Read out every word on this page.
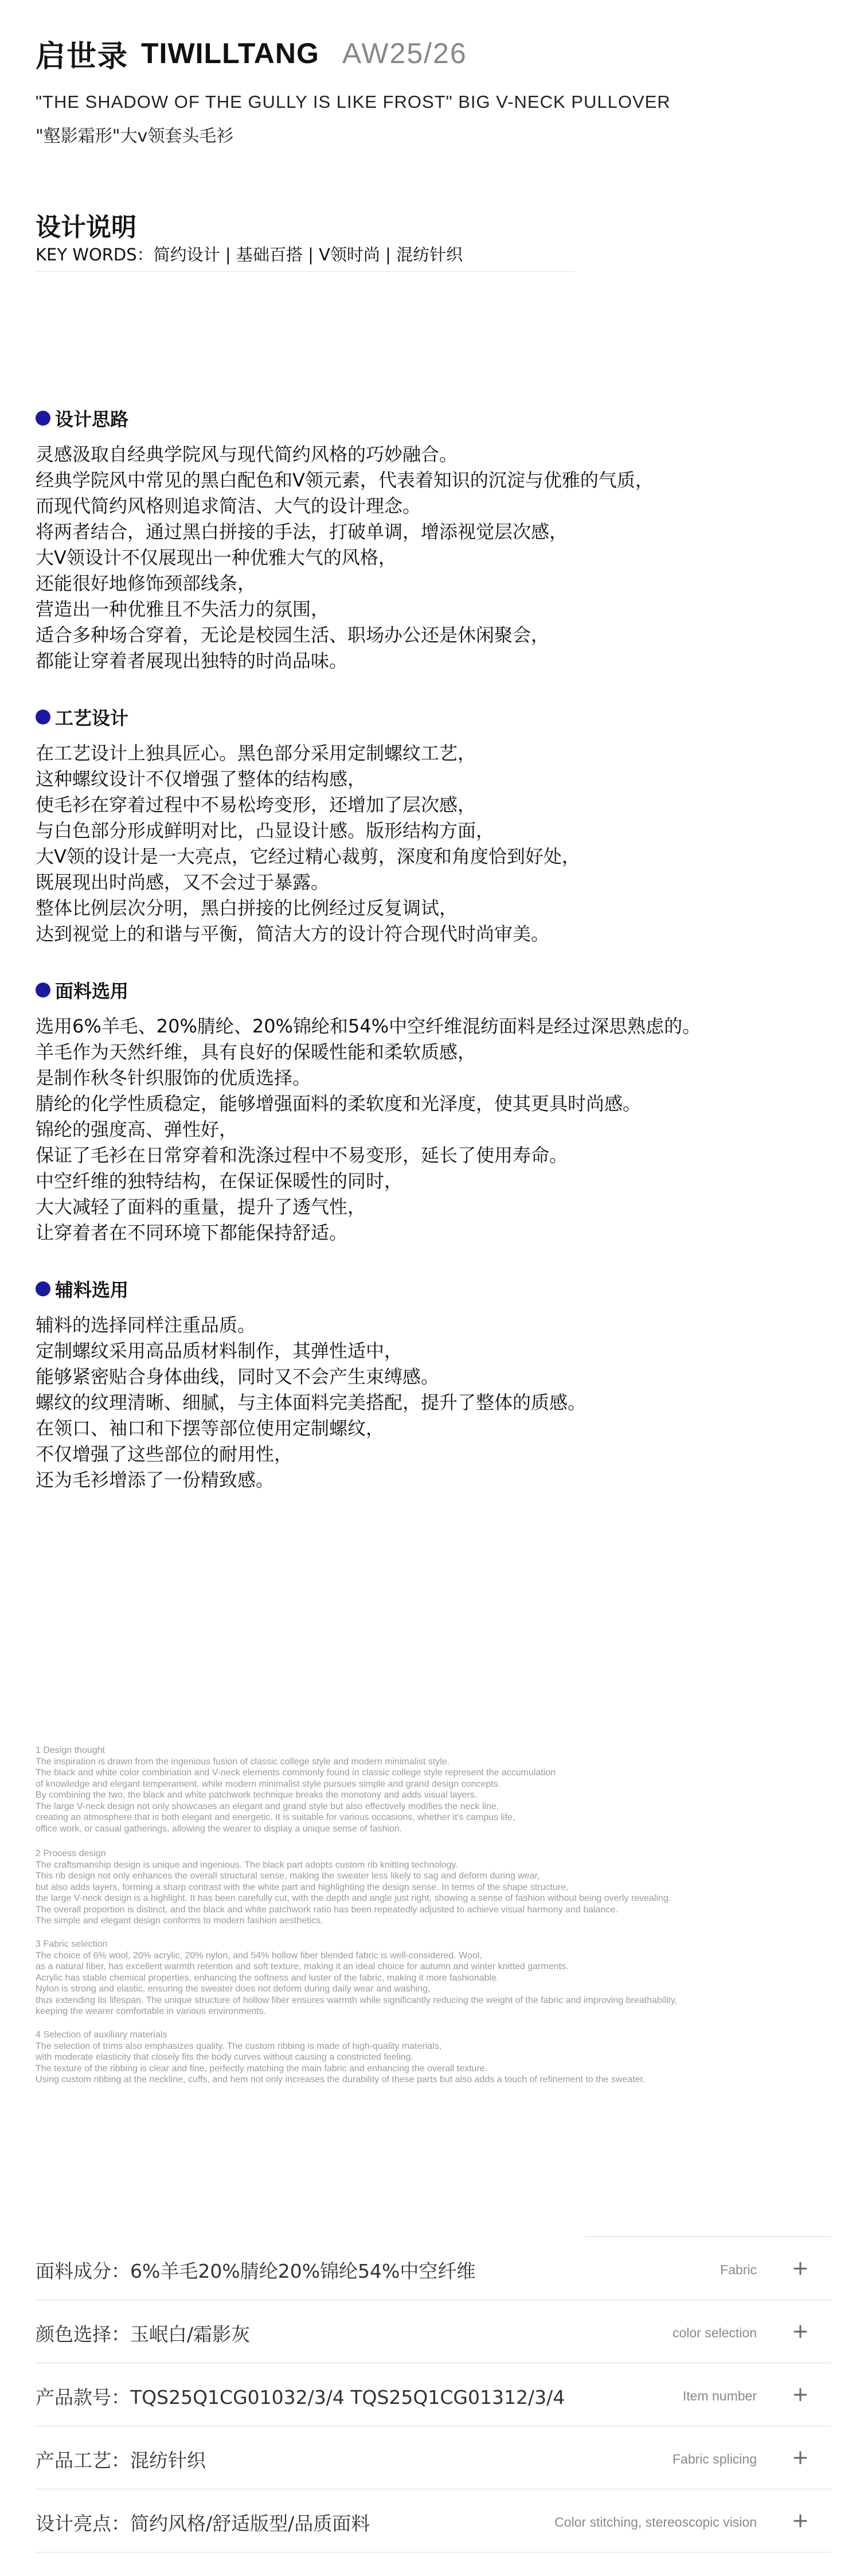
启世录 TIWILLTANG AW25/26
"THE SHADOW OF THE GULLY IS LIKE FROST" BIG V-NECK PULLOVER
"壑影霜形"大v领套头毛衫
设计说明
KEY WORDS：简约设计 | 基础百搭 | V领时尚 | 混纺针织
设计思路
灵感汲取自经典学院风与现代简约风格的巧妙融合。
经典学院风中常见的黑白配色和V领元素，代表着知识的沉淀与优雅的气质，
而现代简约风格则追求简洁、大气的设计理念。
将两者结合，通过黑白拼接的手法，打破单调，增添视觉层次感，
大V领设计不仅展现出一种优雅大气的风格，
还能很好地修饰颈部线条，
营造出一种优雅且不失活力的氛围，
适合多种场合穿着，无论是校园生活、职场办公还是休闲聚会，
都能让穿着者展现出独特的时尚品味。
工艺设计
在工艺设计上独具匠心。黑色部分采用定制螺纹工艺，
这种螺纹设计不仅增强了整体的结构感，
使毛衫在穿着过程中不易松垮变形，还增加了层次感，
与白色部分形成鲜明对比，凸显设计感。版形结构方面，
大V领的设计是一大亮点，它经过精心裁剪，深度和角度恰到好处，
既展现出时尚感，又不会过于暴露。
整体比例层次分明，黑白拼接的比例经过反复调试，
达到视觉上的和谐与平衡，简洁大方的设计符合现代时尚审美。
面料选用
选用6%羊毛、20%腈纶、20%锦纶和54%中空纤维混纺面料是经过深思熟虑的。
羊毛作为天然纤维，具有良好的保暖性能和柔软质感，
是制作秋冬针织服饰的优质选择。
腈纶的化学性质稳定，能够增强面料的柔软度和光泽度，使其更具时尚感。
锦纶的强度高、弹性好，
保证了毛衫在日常穿着和洗涤过程中不易变形，延长了使用寿命。
中空纤维的独特结构，在保证保暖性的同时，
大大减轻了面料的重量，提升了透气性，
让穿着者在不同环境下都能保持舒适。
辅料选用
辅料的选择同样注重品质。
定制螺纹采用高品质材料制作，其弹性适中，
能够紧密贴合身体曲线，同时又不会产生束缚感。
螺纹的纹理清晰、细腻，与主体面料完美搭配，提升了整体的质感。
在领口、袖口和下摆等部位使用定制螺纹，
不仅增强了这些部位的耐用性，
还为毛衫增添了一份精致感。
1 Design thought
The inspiration is drawn from the ingenious fusion of classic college style and modern minimalist style.
The black and white color combination and V-neck elements commonly found in classic college style represent the accumulation
of knowledge and elegant temperament, while modern minimalist style pursues simple and grand design concepts.
By combining the two, the black and white patchwork technique breaks the monotony and adds visual layers.
The large V-neck design not only showcases an elegant and grand style but also effectively modifies the neck line,
creating an atmosphere that is both elegant and energetic. It is suitable for various occasions, whether it's campus life,
office work, or casual gatherings, allowing the wearer to display a unique sense of fashion.
2 Process design
The craftsmanship design is unique and ingenious. The black part adopts custom rib knitting technology.
This rib design not only enhances the overall structural sense, making the sweater less likely to sag and deform during wear,
but also adds layers, forming a sharp contrast with the white part and highlighting the design sense. In terms of the shape structure,
the large V-neck design is a highlight. It has been carefully cut, with the depth and angle just right, showing a sense of fashion without being overly revealing.
The overall proportion is distinct, and the black and white patchwork ratio has been repeatedly adjusted to achieve visual harmony and balance.
The simple and elegant design conforms to modern fashion aesthetics.
3 Fabric selection
The choice of 6% wool, 20% acrylic, 20% nylon, and 54% hollow fiber blended fabric is well-considered. Wool,
as a natural fiber, has excellent warmth retention and soft texture, making it an ideal choice for autumn and winter knitted garments.
Acrylic has stable chemical properties, enhancing the softness and luster of the fabric, making it more fashionable.
Nylon is strong and elastic, ensuring the sweater does not deform during daily wear and washing,
thus extending its lifespan. The unique structure of hollow fiber ensures warmth while significantly reducing the weight of the fabric and improving breathability,
keeping the wearer comfortable in various environments.
4 Selection of auxiliary materials
The selection of trims also emphasizes quality. The custom ribbing is made of high-quality materials,
with moderate elasticity that closely fits the body curves without causing a constricted feeling.
The texture of the ribbing is clear and fine, perfectly matching the main fabric and enhancing the overall texture.
Using custom ribbing at the neckline, cuffs, and hem not only increases the durability of these parts but also adds a touch of refinement to the sweater.
面料成分：6%羊毛20%腈纶20%锦纶54%中空纤维	Fabric	+
颜色选择：玉岷白/霜影灰	color selection	+
产品款号：TQS25Q1CG01032/3/4 TQS25Q1CG01312/3/4	Item number	+
产品工艺：混纺针织	Fabric splicing	+
设计亮点：简约风格/舒适版型/品质面料	Color stitching, stereoscopic vision	+
